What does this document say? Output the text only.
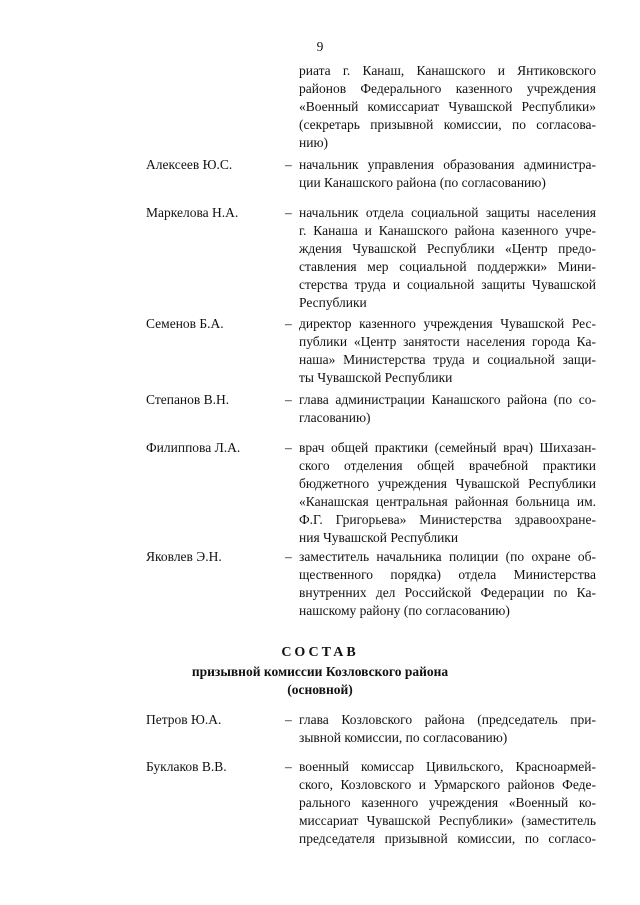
9
риата г. Канаш, Канашского и Янтиковского
районов Федерального казенного учреждения
«Военный комиссариат Чувашской Республики»
(секретарь призывной комиссии, по согласова-
нию)
Алексеев Ю.С.	– начальник управления образования администра-
ции Канашского района (по согласованию)
Маркелова Н.А.	– начальник отдела социальной защиты населения
г. Канаша и Канашского района казенного учре-
ждения Чувашской Республики «Центр предо-
ставления мер социальной поддержки» Мини-
стерства труда и социальной защиты Чувашской
Республики
Семенов Б.А.	– директор казенного учреждения Чувашской Рес-
публики «Центр занятости населения города Ка-
наша» Министерства труда и социальной защи-
ты Чувашской Республики
Степанов В.Н.	– глава администрации Канашского района (по со-
гласованию)
Филиппова Л.А.	– врач общей практики (семейный врач) Шихазан-
ского отделения общей врачебной практики
бюджетного учреждения Чувашской Республики
«Канашская центральная районная больница им.
Ф.Г. Григорьева» Министерства здравоохране-
ния Чувашской Республики
Яковлев Э.Н.	– заместитель начальника полиции (по охране об-
щественного порядка) отдела Министерства
внутренних дел Российской Федерации по Ка-
нашскому району (по согласованию)
СОСТАВ
призывной комиссии Козловского района
(основной)
Петров Ю.А.	– глава Козловского района (председатель при-
зывной комиссии, по согласованию)
Буклаков В.В.	– военный комиссар Цивильского, Красноармей-
ского, Козловского и Урмарского районов Феде-
рального казенного учреждения «Военный ко-
миссариат Чувашской Республики» (заместитель
председателя призывной комиссии, по согласо-
